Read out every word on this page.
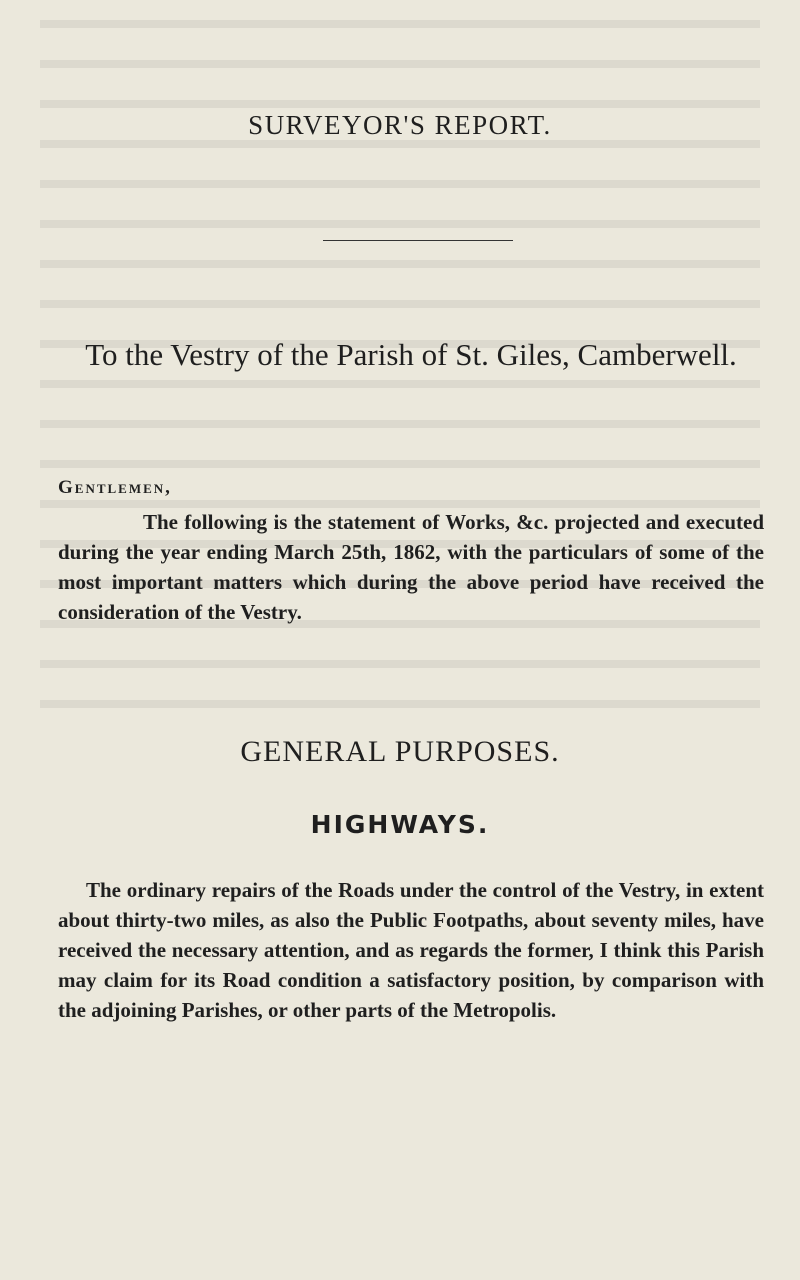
SURVEYOR'S REPORT.
To the Vestry of the Parish of St. Giles, Camberwell.
Gentlemen,
The following is the statement of Works, &c. projected and executed during the year ending March 25th, 1862, with the particulars of some of the most important matters which during the above period have received the consideration of the Vestry.
GENERAL PURPOSES.
HIGHWAYS.
The ordinary repairs of the Roads under the control of the Vestry, in extent about thirty-two miles, as also the Public Footpaths, about seventy miles, have received the necessary attention, and as regards the former, I think this Parish may claim for its Road condition a satisfactory position, by comparison with the adjoining Parishes, or other parts of the Metropolis.
